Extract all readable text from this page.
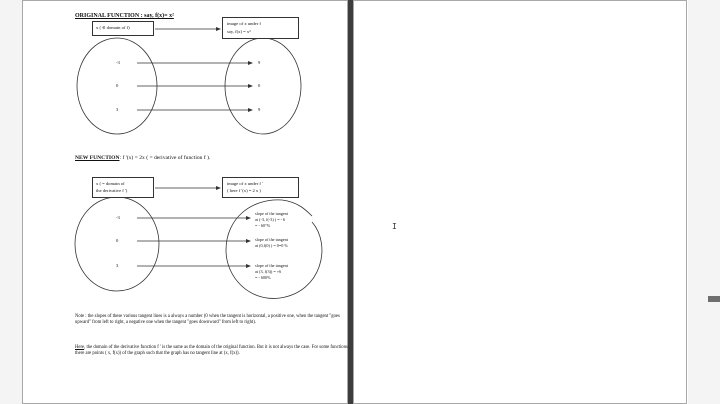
ORIGINAL FUNCTION : say, f(x)= x²
x ( ∈ domain of f)
image of x under f
say, f(x) = x²
-3
0
3
9
0
9
NEW FUNCTION: f '(x) = 2x ( = derivative of function f ).
x ( = domain of
the derivative f ')
image of x under f '
( here f '(x) = 2 x )
-3
0
3
slope of the tangent
at (-3, f(-3) ) = - 6
= - 60°%
slope of the tangent
at (0,f(0) ) = 0=0 %
slope of the tangent
at (3, f(3)) = +6
= - 600%
Note : the slopes of these various tangent lines is a always a number (0 when the tangent is horizontal, a positive one, when the tangent "goes upward" from left to right, a negative one when the tangent "goes downward" from left to right).
Here, the domain of the derivative function f ' is the same as the domain of the original function. But it is not always the case. For some functions , there are points ( x, f(x)) of the graph such that the graph has no tangent line at (x, f(x)).
I
